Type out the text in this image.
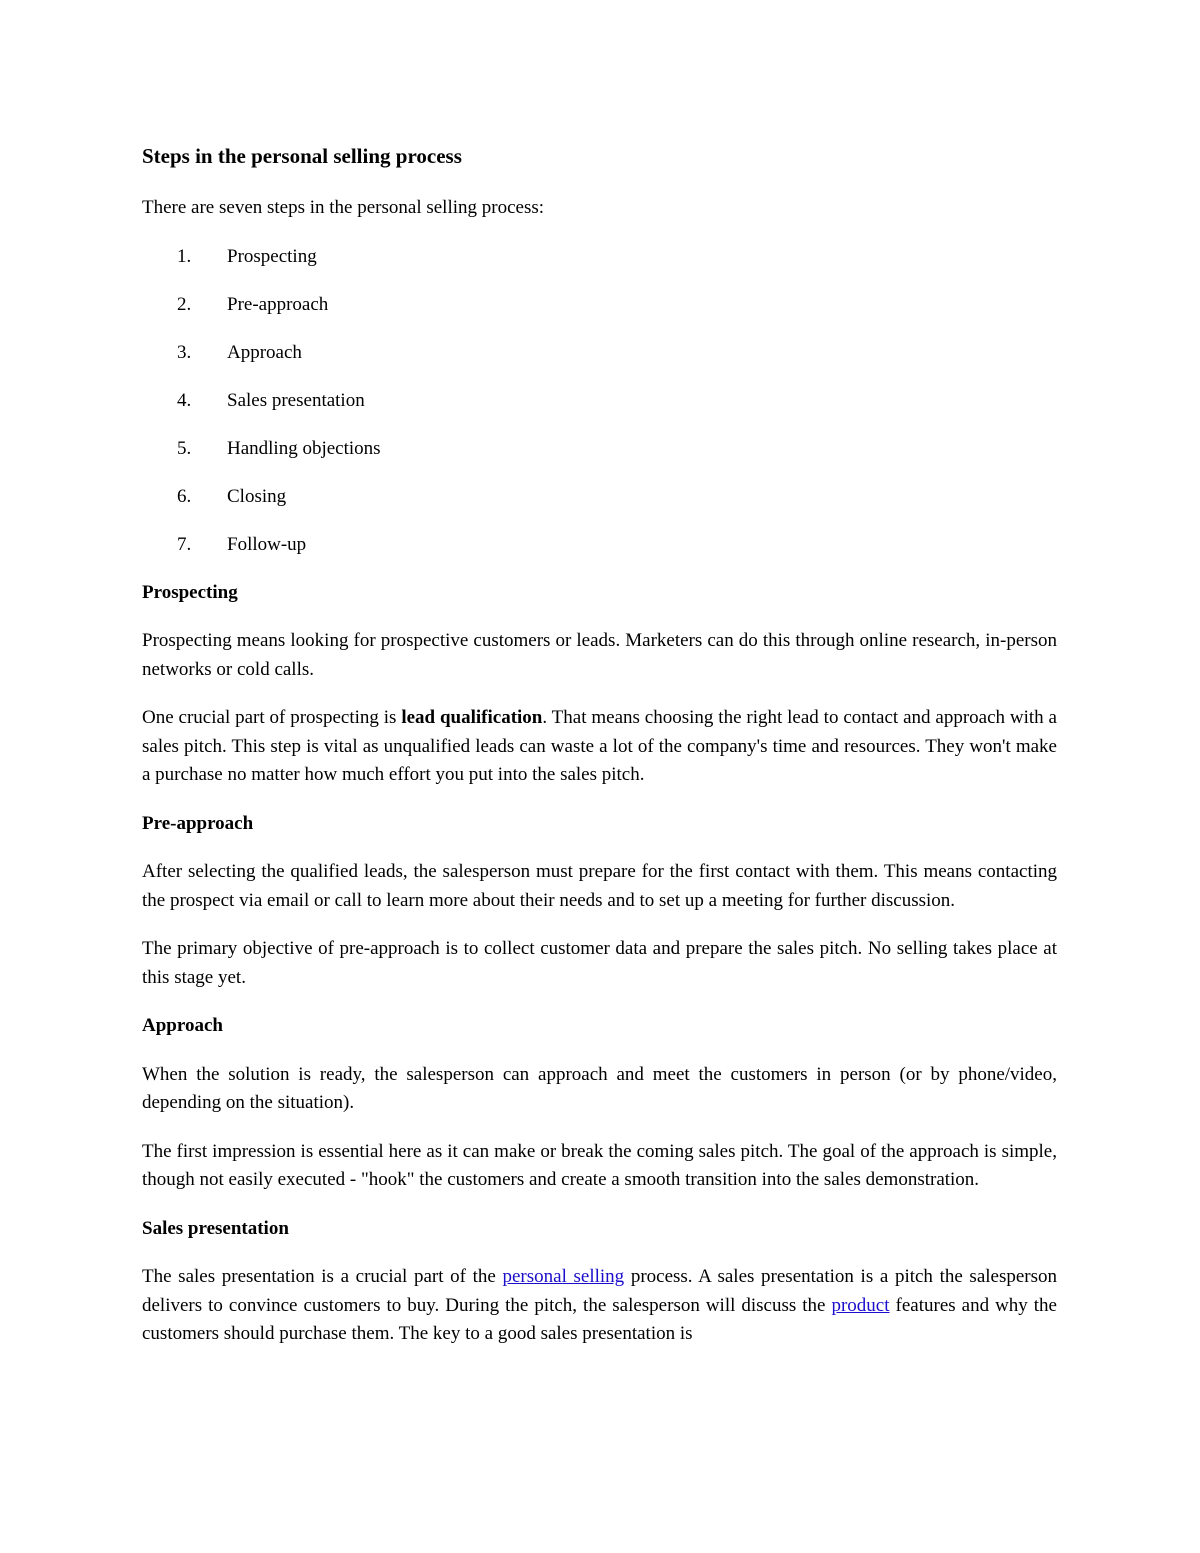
Steps in the personal selling process

There are seven steps in the personal selling process:

1.	Prospecting
2.	Pre-approach
3.	Approach
4.	Sales presentation
5.	Handling objections
6.	Closing
7.	Follow-up

Prospecting

Prospecting means looking for prospective customers or leads. Marketers can do this through online research, in-person networks or cold calls.

One crucial part of prospecting is lead qualification. That means choosing the right lead to contact and approach with a sales pitch. This step is vital as unqualified leads can waste a lot of the company's time and resources. They won't make a purchase no matter how much effort you put into the sales pitch.

Pre-approach

After selecting the qualified leads, the salesperson must prepare for the first contact with them. This means contacting the prospect via email or call to learn more about their needs and to set up a meeting for further discussion.

The primary objective of pre-approach is to collect customer data and prepare the sales pitch. No selling takes place at this stage yet.

Approach

When the solution is ready, the salesperson can approach and meet the customers in person (or by phone/video, depending on the situation).

The first impression is essential here as it can make or break the coming sales pitch. The goal of the approach is simple, though not easily executed - "hook" the customers and create a smooth transition into the sales demonstration.

Sales presentation

The sales presentation is a crucial part of the personal selling process. A sales presentation is a pitch the salesperson delivers to convince customers to buy. During the pitch, the salesperson will discuss the product features and why the customers should purchase them. The key to a good sales presentation is
